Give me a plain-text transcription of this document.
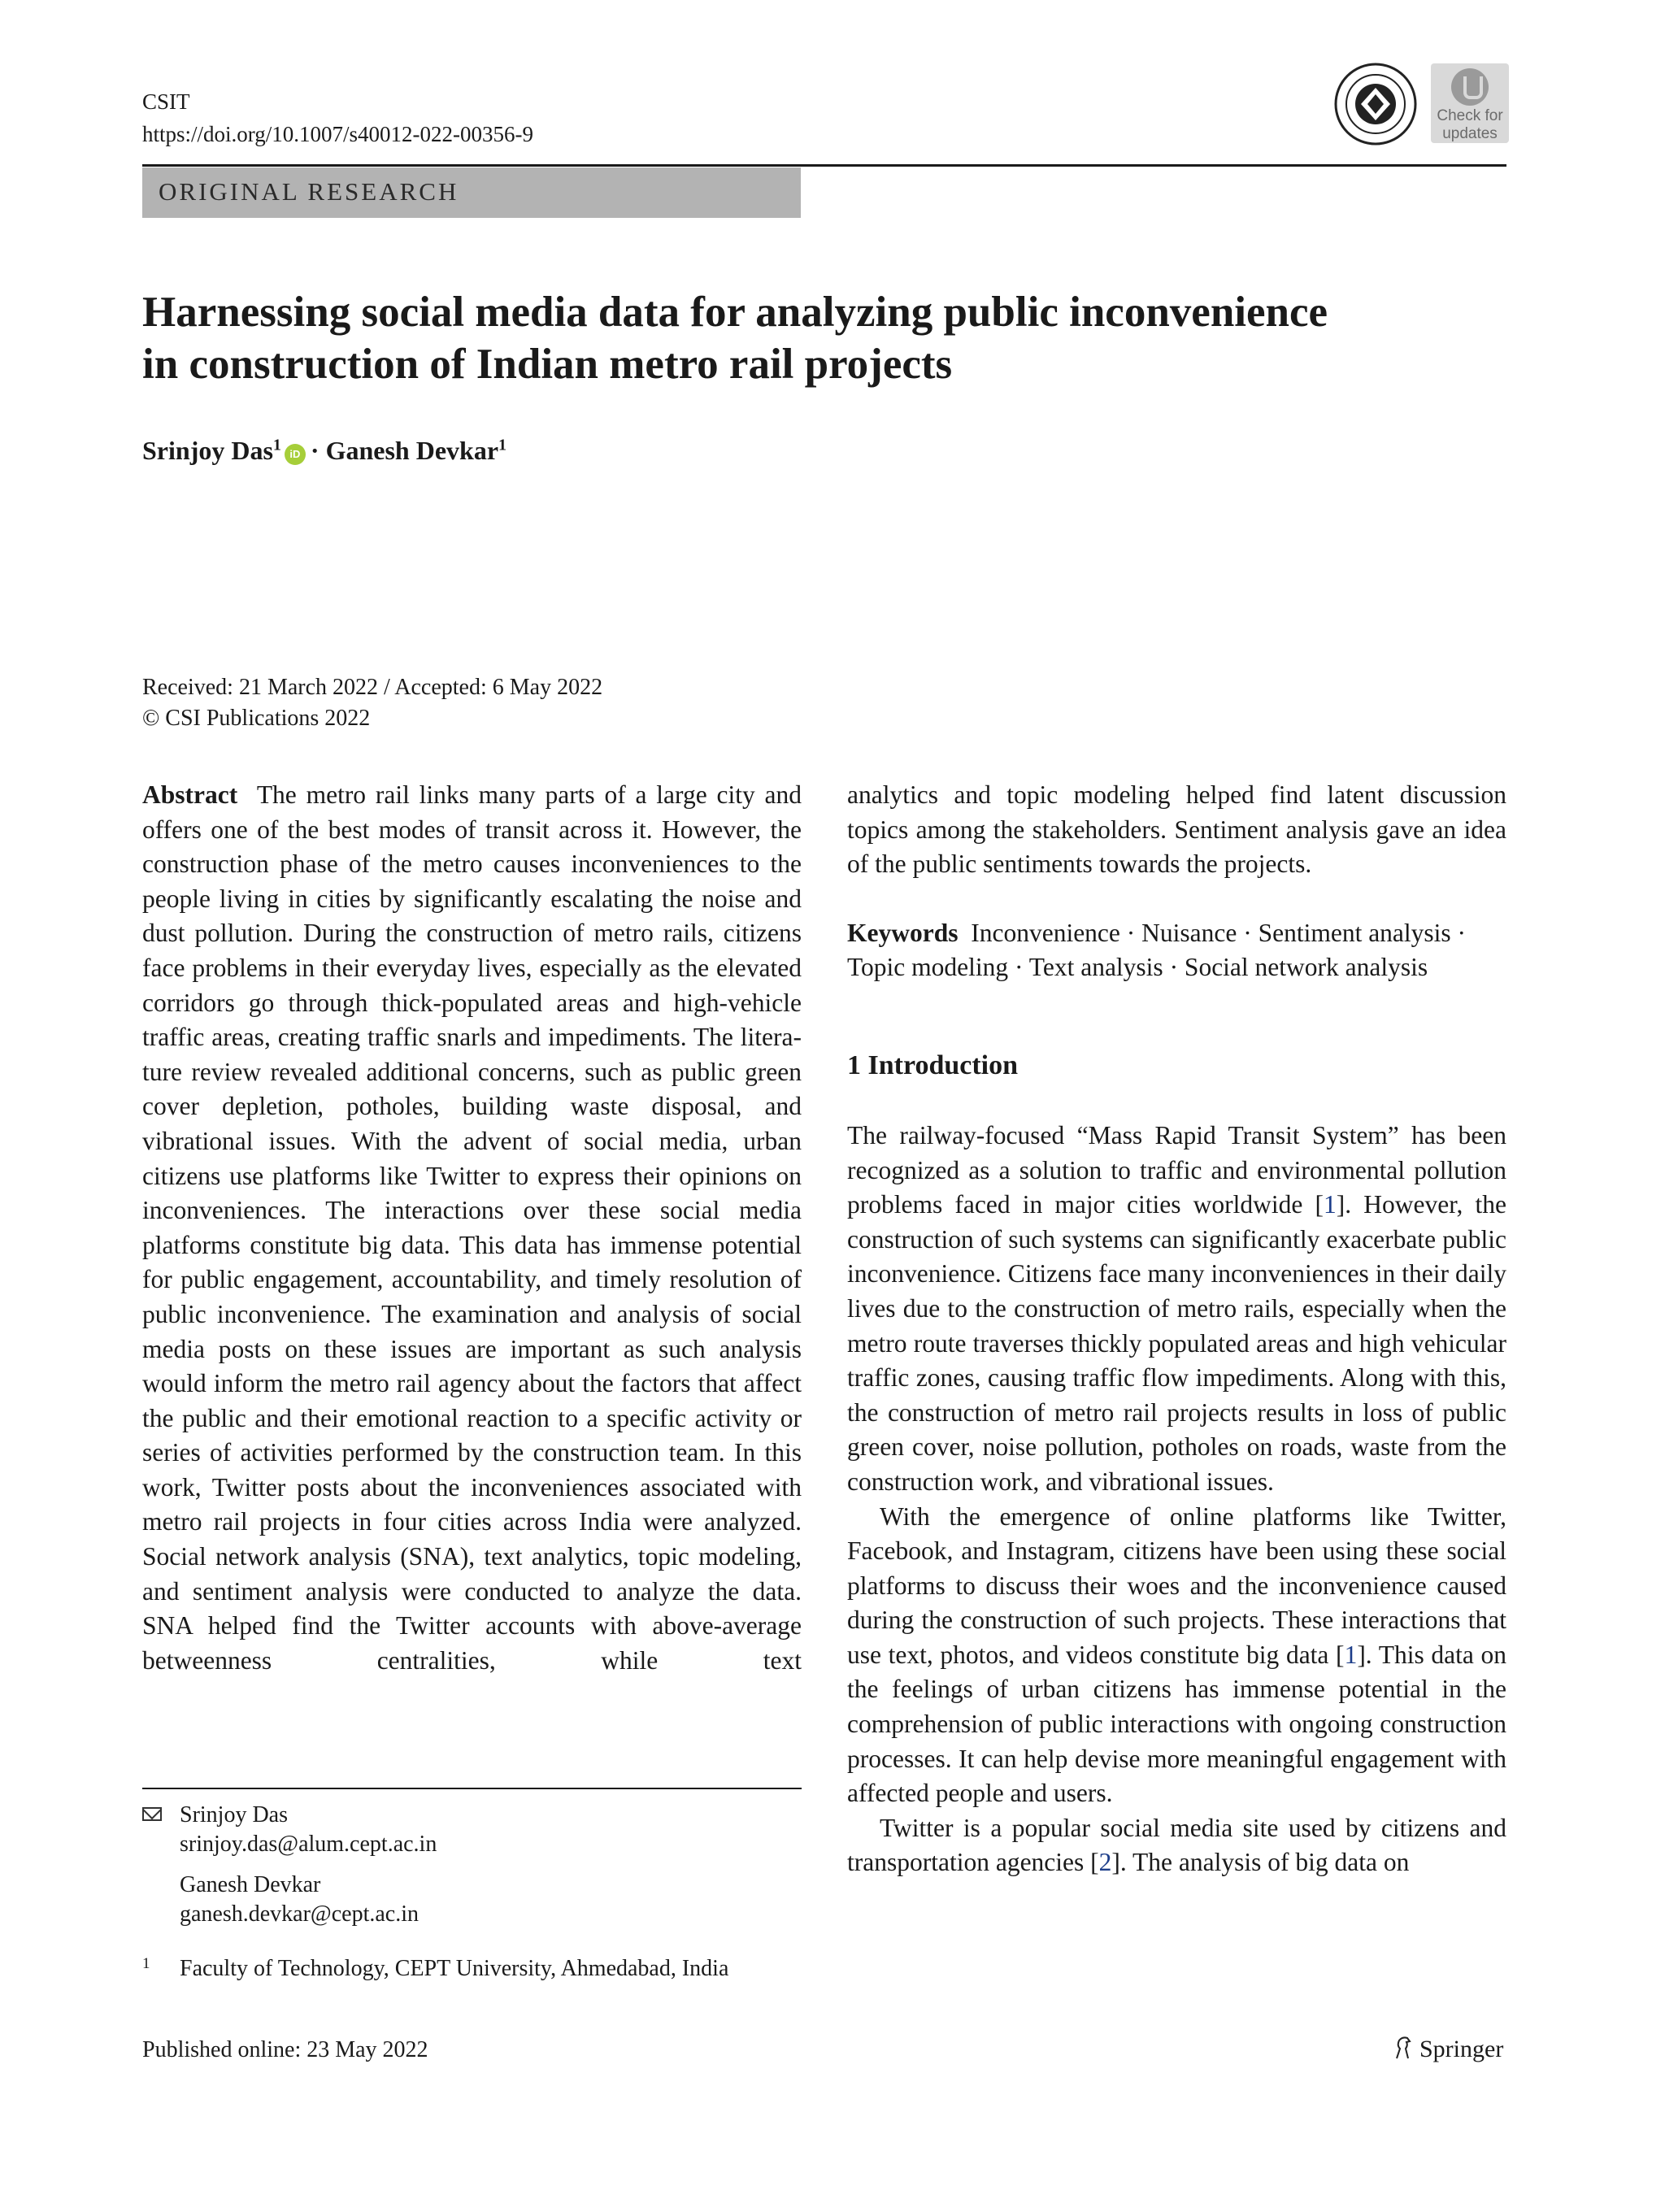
CSIT
https://doi.org/10.1007/s40012-022-00356-9
Check for
updates
ORIGINAL RESEARCH
Harnessing social media data for analyzing public inconvenience
in construction of Indian metro rail projects
Srinjoy Das$^1$iD · Ganesh Devkar$^1$
Received: 21 March 2022 / Accepted: 6 May 2022
© CSI Publications 2022

Abstract The metro rail links many parts of a large city and offers one of the best modes of transit across it. However, the construction phase of the metro causes inconveniences to the people living in cities by significantly escalating the noise and dust pollution. During the construction of metro rails, citizens face problems in their everyday lives, especially as the elevated corridors go through thick-populated areas and high-vehicle traffic areas, creating traffic snarls and impediments. The literature review revealed additional concerns, such as public green cover depletion, potholes, building waste disposal, and vibrational issues. With the advent of social media, urban citizens use platforms like Twitter to express their opinions on inconveniences. The interactions over these social media platforms constitute big data. This data has immense potential for public engagement, accountability, and timely resolution of public inconvenience. The examination and analysis of social media posts on these issues are important as such analysis would inform the metro rail agency about the factors that affect the public and their emotional reaction to a specific activity or series of activities performed by the construction team. In this work, Twitter posts about the inconveniences associated with metro rail projects in four cities across India were analyzed. Social network analysis (SNA), text analytics, topic modeling, and sentiment analysis were conducted to analyze the data. SNA helped find the Twitter accounts with above-average betweenness centralities, while text

analytics and topic modeling helped find latent discussion topics among the stakeholders. Sentiment analysis gave an idea of the public sentiments towards the projects.

Keywords Inconvenience · Nuisance · Sentiment analysis · Topic modeling · Text analysis · Social network analysis

1 Introduction

The railway-focused “Mass Rapid Transit System” has been recognized as a solution to traffic and environmental pollution problems faced in major cities worldwide [1]. However, the construction of such systems can significantly exacerbate public inconvenience. Citizens face many inconveniences in their daily lives due to the construction of metro rails, especially when the metro route traverses thickly populated areas and high vehicular traffic zones, causing traffic flow impediments. Along with this, the construction of metro rail projects results in loss of public green cover, noise pollution, potholes on roads, waste from the construction work, and vibrational issues.

With the emergence of online platforms like Twitter, Facebook, and Instagram, citizens have been using these social platforms to discuss their woes and the inconvenience caused during the construction of such projects. These interactions that use text, photos, and videos constitute big data [1]. This data on the feelings of urban citizens has immense potential in the comprehension of public interactions with ongoing construction processes. It can help devise more meaningful engagement with affected people and users.

Twitter is a popular social media site used by citizens and transportation agencies [2]. The analysis of big data on

Srinjoy Das
srinjoy.das@alum.cept.ac.in
Ganesh Devkar
ganesh.devkar@cept.ac.in
1 Faculty of Technology, CEPT University, Ahmedabad, India
Published online: 23 May 2022	Springer
